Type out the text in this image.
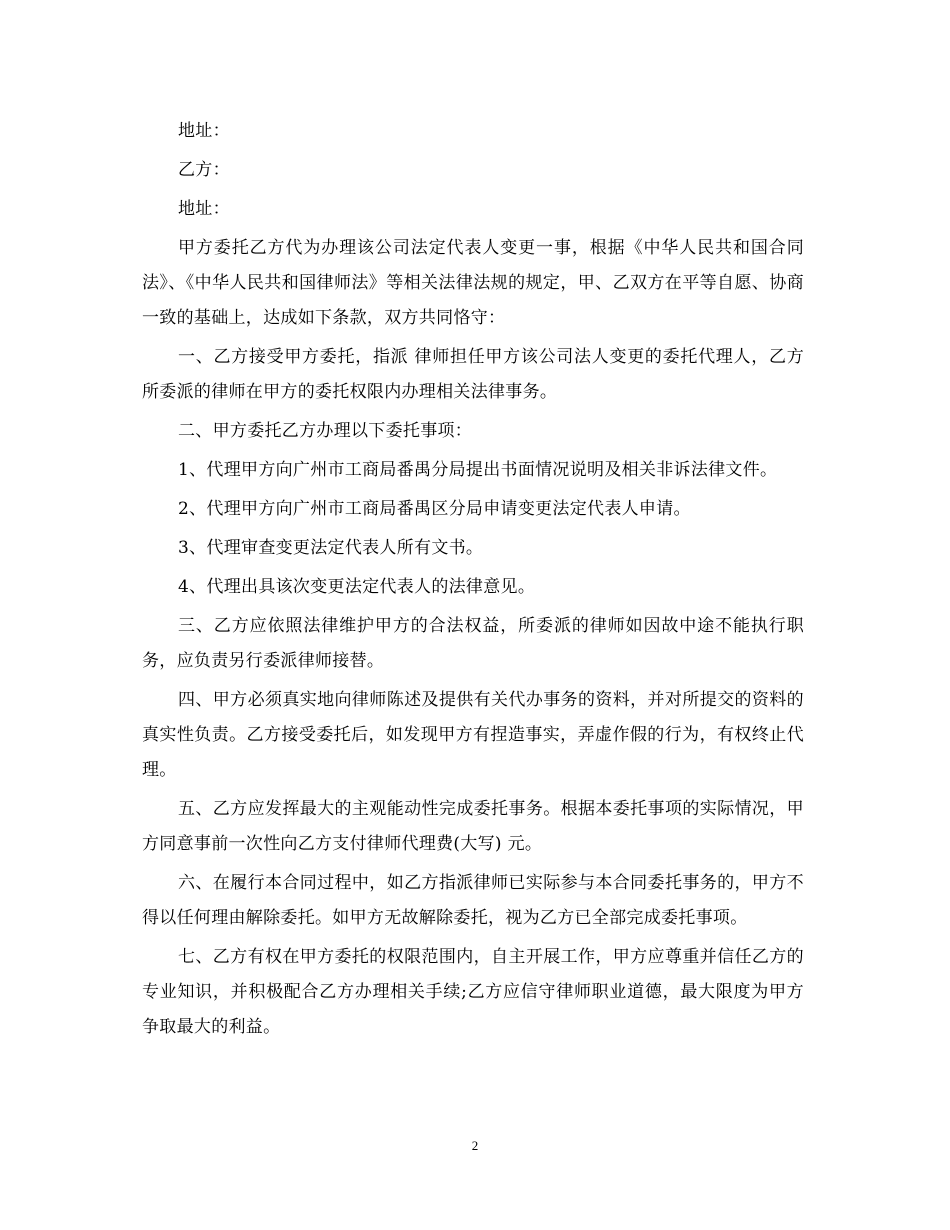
地址：

乙方：

地址：

甲方委托乙方代为办理该公司法定代表人变更一事，根据《中华人民共和国合同法》、《中华人民共和国律师法》等相关法律法规的规定，甲、乙双方在平等自愿、协商一致的基础上，达成如下条款，双方共同恪守：

一、乙方接受甲方委托，指派 律师担任甲方该公司法人变更的委托代理人，乙方所委派的律师在甲方的委托权限内办理相关法律事务。

二、甲方委托乙方办理以下委托事项：

1、代理甲方向广州市工商局番禺分局提出书面情况说明及相关非诉法律文件。

2、代理甲方向广州市工商局番禺区分局申请变更法定代表人申请。

3、代理审查变更法定代表人所有文书。

4、代理出具该次变更法定代表人的法律意见。

三、乙方应依照法律维护甲方的合法权益，所委派的律师如因故中途不能执行职务，应负责另行委派律师接替。

四、甲方必须真实地向律师陈述及提供有关代办事务的资料，并对所提交的资料的真实性负责。乙方接受委托后，如发现甲方有捏造事实，弄虚作假的行为，有权终止代理。

五、乙方应发挥最大的主观能动性完成委托事务。根据本委托事项的实际情况，甲方同意事前一次性向乙方支付律师代理费(大写) 元。

六、在履行本合同过程中，如乙方指派律师已实际参与本合同委托事务的，甲方不得以任何理由解除委托。如甲方无故解除委托，视为乙方已全部完成委托事项。

七、乙方有权在甲方委托的权限范围内，自主开展工作，甲方应尊重并信任乙方的专业知识，并积极配合乙方办理相关手续;乙方应信守律师职业道德，最大限度为甲方争取最大的利益。

2
